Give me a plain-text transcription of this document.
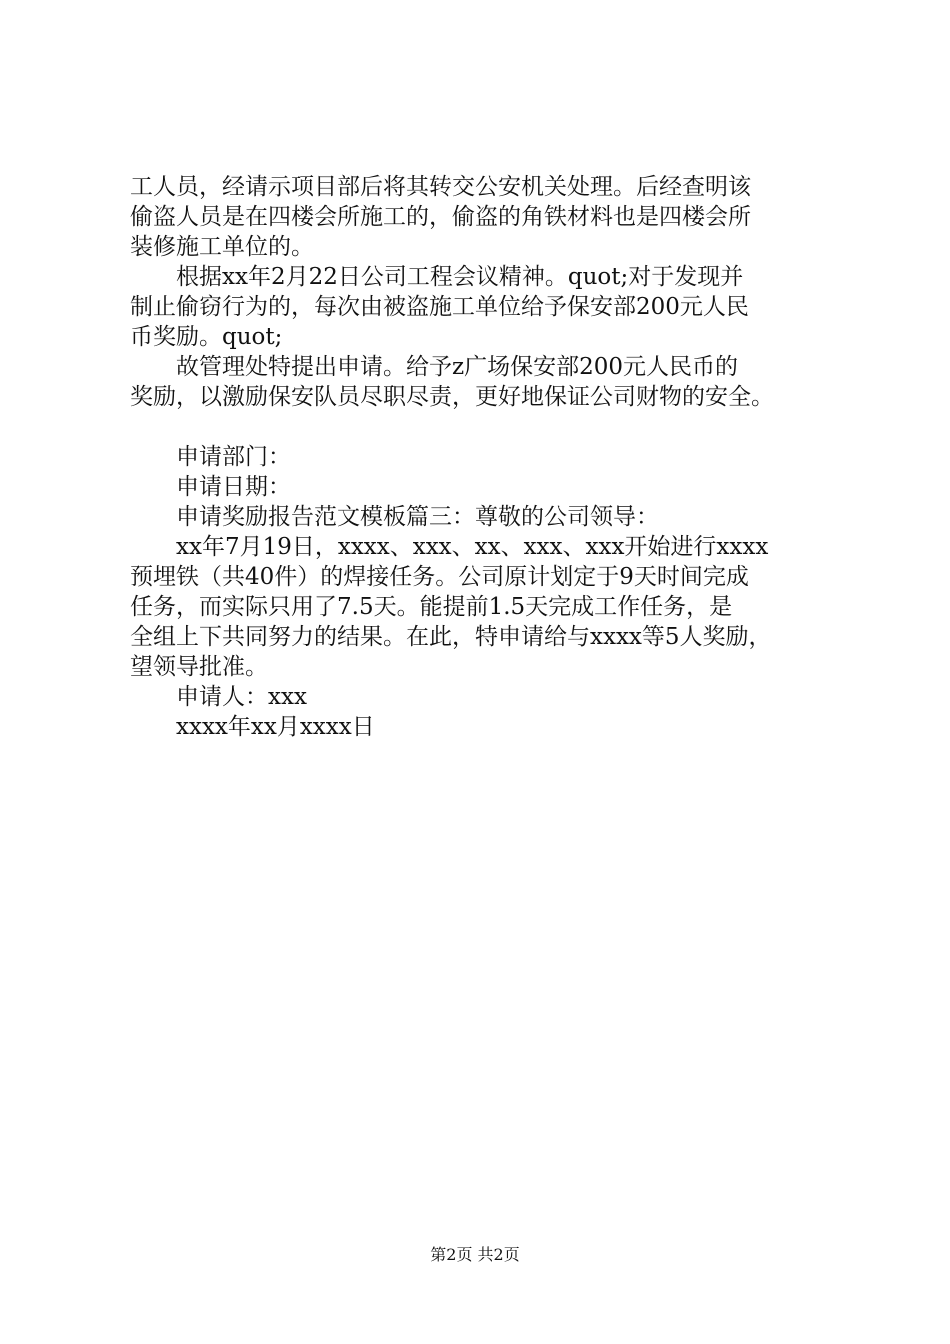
工人员，经请示项目部后将其转交公安机关处理。后经查明该
偷盗人员是在四楼会所施工的，偷盗的角铁材料也是四楼会所
装修施工单位的。
　　根据xx年2月22日公司工程会议精神。quot;对于发现并
制止偷窃行为的，每次由被盗施工单位给予保安部200元人民
币奖励。quot;
　　故管理处特提出申请。给予z广场保安部200元人民币的
奖励，以激励保安队员尽职尽责，更好地保证公司财物的安全。
　　申请部门：
　　申请日期：
　　申请奖励报告范文模板篇三：尊敬的公司领导：
　　xx年7月19日，xxxx、xxx、xx、xxx、xxx开始进行xxxx
预埋铁（共40件）的焊接任务。公司原计划定于9天时间完成
任务，而实际只用了7.5天。能提前1.5天完成工作任务，是
全组上下共同努力的结果。在此，特申请给与xxxx等5人奖励，
望领导批准。
　　申请人：xxx
　　xxxx年xx月xxxx日
第2页 共2页
